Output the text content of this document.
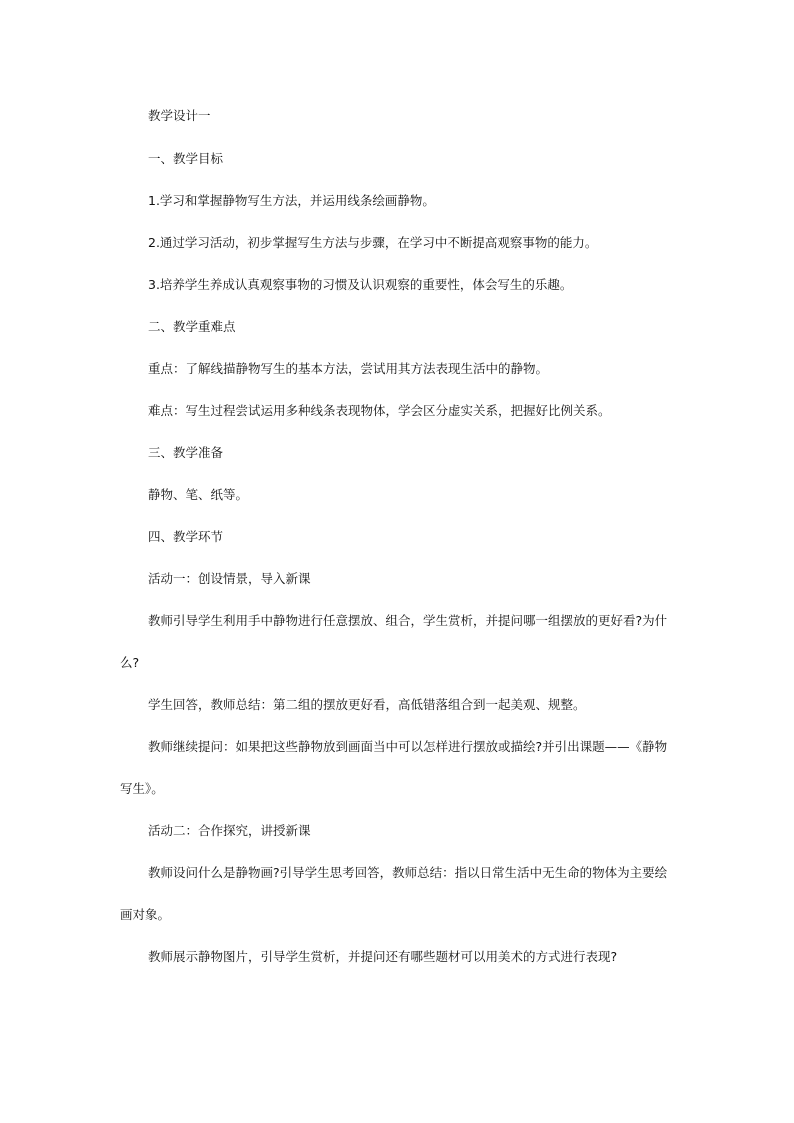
教学设计一
一、教学目标
1.学习和掌握静物写生方法，并运用线条绘画静物。
2.通过学习活动，初步掌握写生方法与步骤，在学习中不断提高观察事物的能力。
3.培养学生养成认真观察事物的习惯及认识观察的重要性，体会写生的乐趣。
二、教学重难点
重点：了解线描静物写生的基本方法，尝试用其方法表现生活中的静物。
难点：写生过程尝试运用多种线条表现物体，学会区分虚实关系，把握好比例关系。
三、教学准备
静物、笔、纸等。
四、教学环节
活动一：创设情景，导入新课
教师引导学生利用手中静物进行任意摆放、组合，学生赏析，并提问哪一组摆放的更好看?为什
么?
学生回答，教师总结：第二组的摆放更好看，高低错落组合到一起美观、规整。
教师继续提问：如果把这些静物放到画面当中可以怎样进行摆放或描绘?并引出课题——《静物
写生》。
活动二：合作探究，讲授新课
教师设问什么是静物画?引导学生思考回答，教师总结：指以日常生活中无生命的物体为主要绘
画对象。
教师展示静物图片，引导学生赏析，并提问还有哪些题材可以用美术的方式进行表现?
